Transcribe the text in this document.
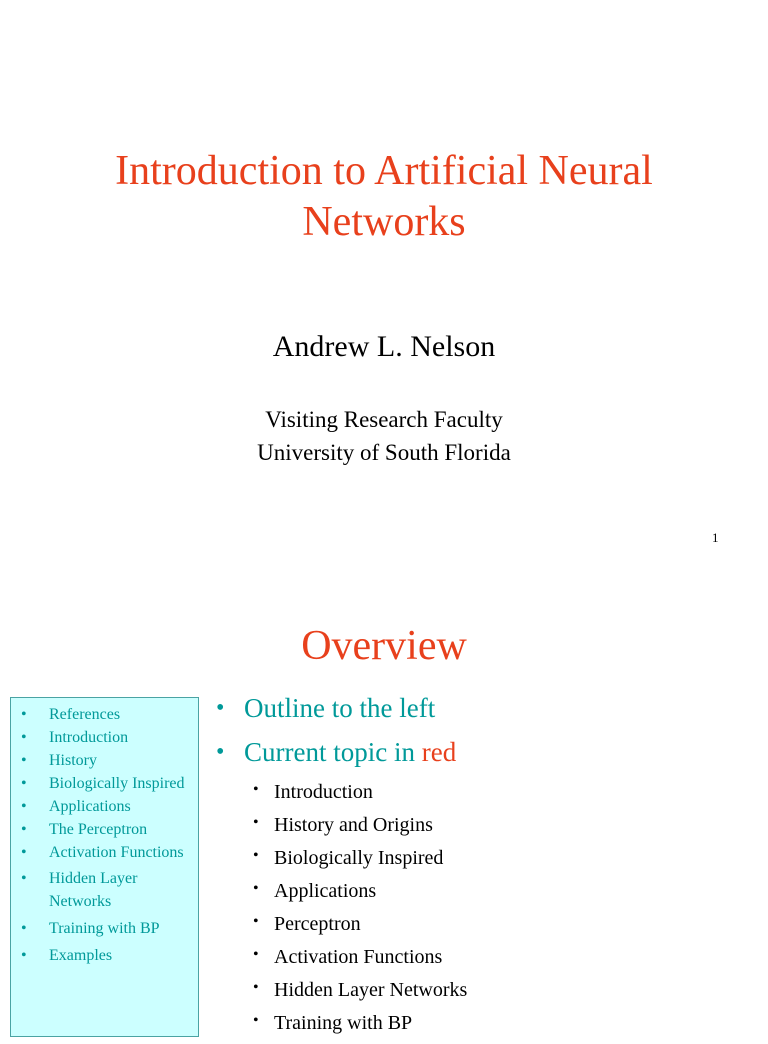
Introduction to Artificial Neural
Networks
Andrew L. Nelson
Visiting Research Faculty
University of South Florida
1
Overview
• References
• Introduction
• History
• Biologically Inspired
• Applications
• The Perceptron
• Activation Functions
• Hidden Layer Networks
• Training with BP
• Examples
• Outline to the left
• Current topic in red
• Introduction
• History and Origins
• Biologically Inspired
• Applications
• Perceptron
• Activation Functions
• Hidden Layer Networks
• Training with BP
